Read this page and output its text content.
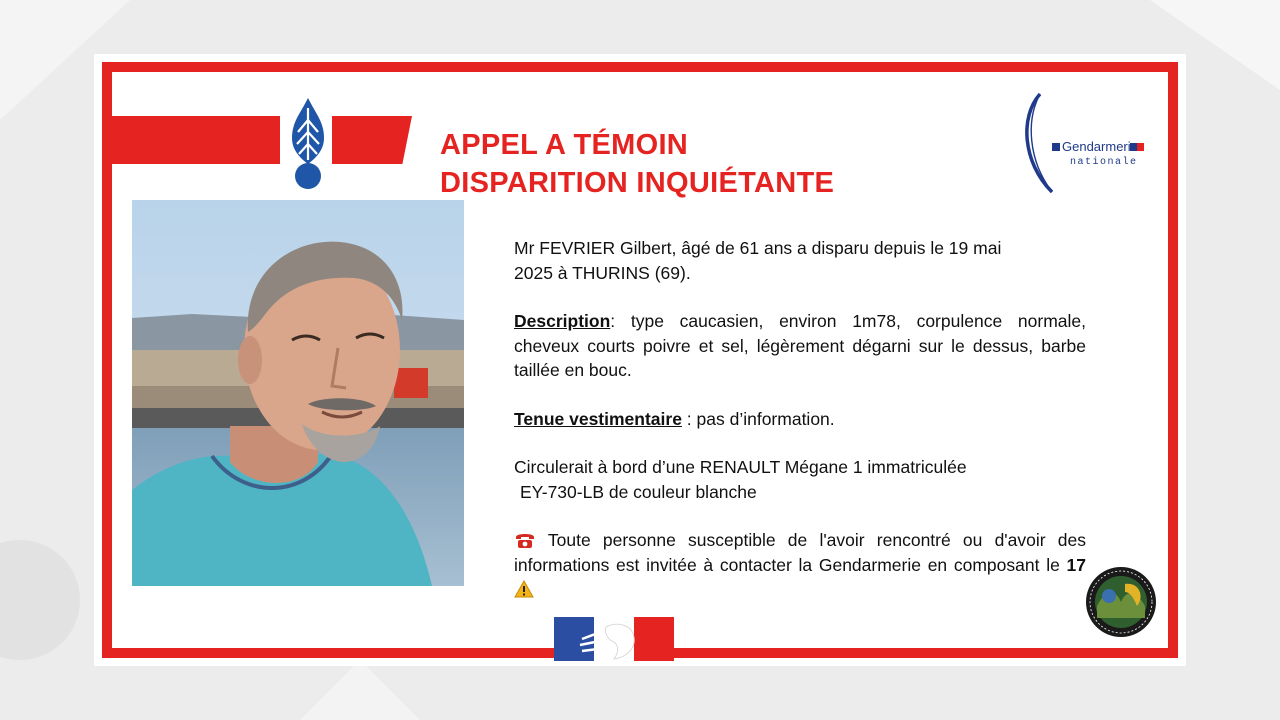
APPEL A TÉMOIN
DISPARITION INQUIÉTANTE
Gendarmerie
nationale

Mr FEVRIER Gilbert, âgé de 61 ans a disparu depuis le 19 mai
2025 à THURINS (69).

Description: type caucasien, environ 1m78, corpulence normale, cheveux courts poivre et sel, légèrement dégarni sur le dessus, barbe taillée en bouc.

Tenue vestimentaire : pas d’information.

Circulerait à bord d’une RENAULT Mégane 1 immatriculée
EY-730-LB de couleur blanche

Toute personne susceptible de l'avoir rencontré ou d'avoir des informations est invitée à contacter la Gendarmerie en composant le 17
